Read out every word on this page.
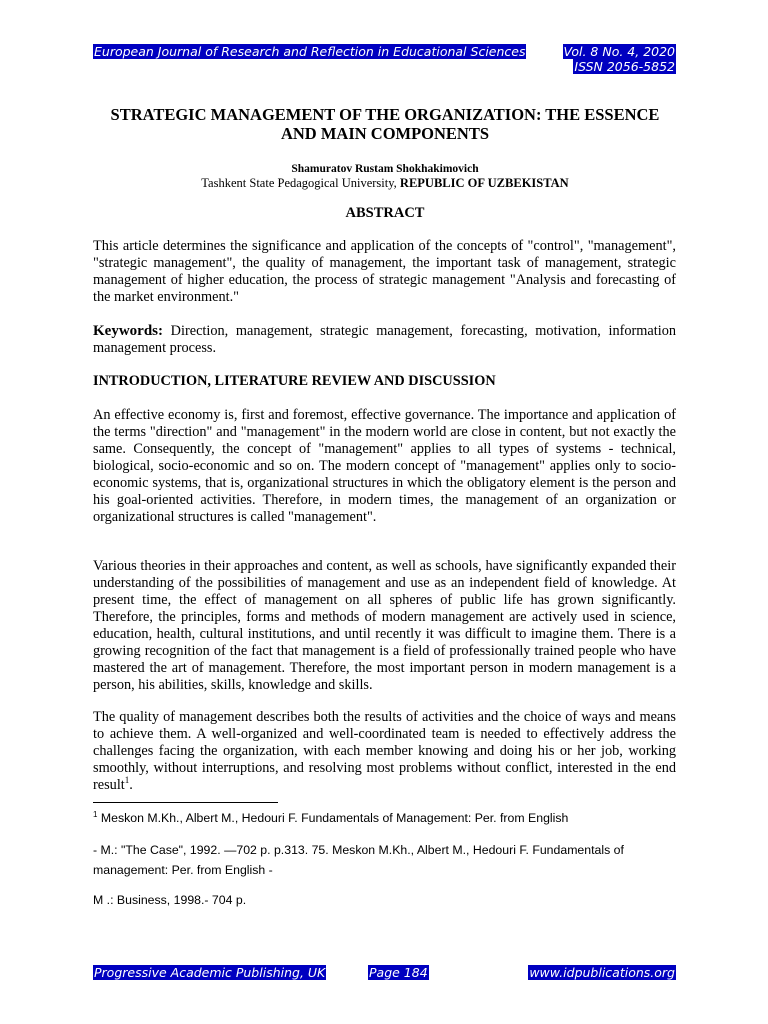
European Journal of Research and Reflection in Educational Sciences	Vol. 8 No. 4, 2020
ISSN 2056-5852
STRATEGIC MANAGEMENT OF THE ORGANIZATION: THE ESSENCE AND MAIN COMPONENTS
Shamuratov Rustam Shokhakimovich
Tashkent State Pedagogical University, REPUBLIC OF UZBEKISTAN
ABSTRACT

This article determines the significance and application of the concepts of "control", "management", "strategic management", the quality of management, the important task of management, strategic management of higher education, the process of strategic management "Analysis and forecasting of the market environment."

Keywords: Direction, management, strategic management, forecasting, motivation, information management process.

INTRODUCTION, LITERATURE REVIEW AND DISCUSSION

An effective economy is, first and foremost, effective governance. The importance and application of the terms "direction" and "management" in the modern world are close in content, but not exactly the same. Consequently, the concept of "management" applies to all types of systems - technical, biological, socio-economic and so on. The modern concept of "management" applies only to socio-economic systems, that is, organizational structures in which the obligatory element is the person and his goal-oriented activities. Therefore, in modern times, the management of an organization or organizational structures is called "management".

Various theories in their approaches and content, as well as schools, have significantly expanded their understanding of the possibilities of management and use as an independent field of knowledge. At present time, the effect of management on all spheres of public life has grown significantly. Therefore, the principles, forms and methods of modern management are actively used in science, education, health, cultural institutions, and until recently it was difficult to imagine them. There is a growing recognition of the fact that management is a field of professionally trained people who have mastered the art of management. Therefore, the most important person in modern management is a person, his abilities, skills, knowledge and skills.

The quality of management describes both the results of activities and the choice of ways and means to achieve them. A well-organized and well-coordinated team is needed to effectively address the challenges facing the organization, with each member knowing and doing his or her job, working smoothly, without interruptions, and resolving most problems without conflict, interested in the end result$^1$.

$^1$ Meskon M.Kh., Albert M., Hedouri F. Fundamentals of Management: Per. from English

- M.: "The Case", 1992. —702 p. p.313. 75. Meskon M.Kh., Albert M., Hedouri F. Fundamentals of management: Per. from English -

M .: Business, 1998.- 704 p.

Progressive Academic Publishing, UK	Page 184	www.idpublications.org
